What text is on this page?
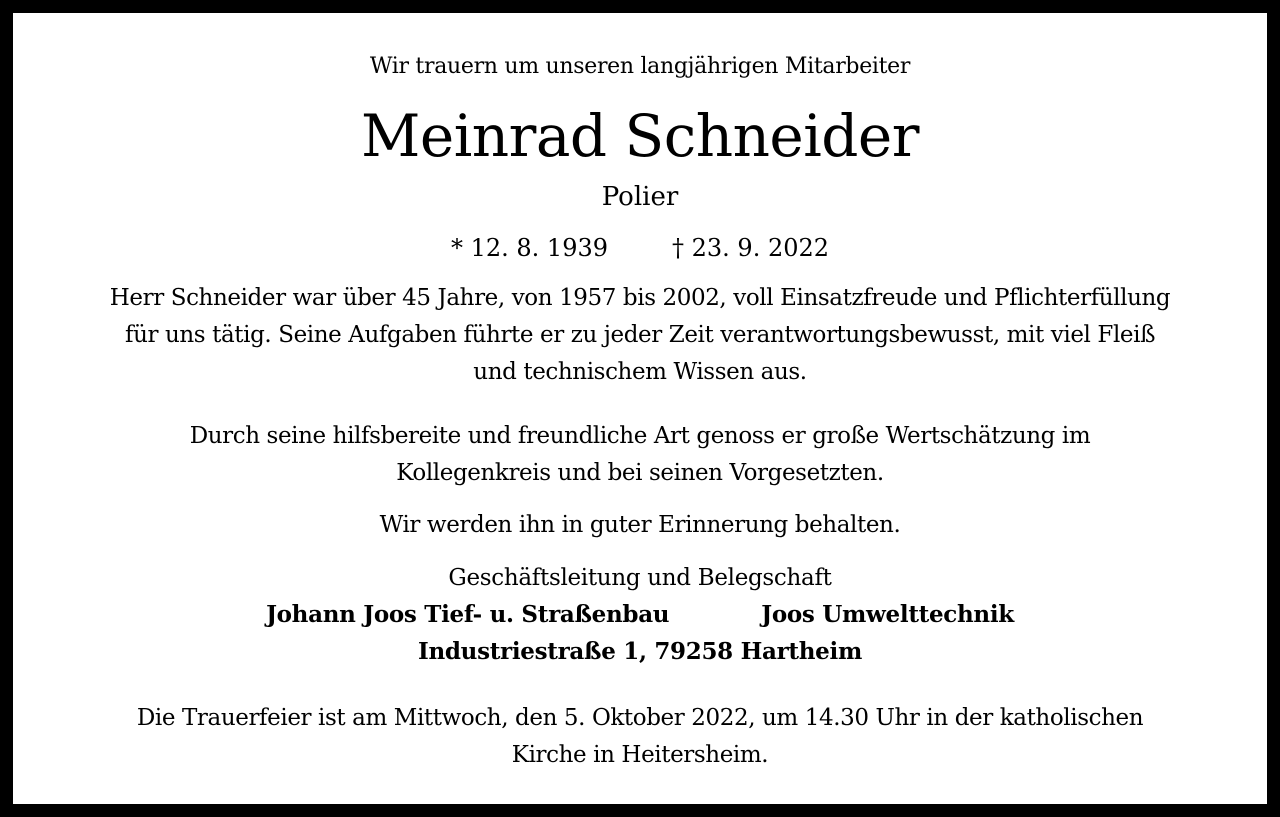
Wir trauern um unseren langjährigen Mitarbeiter
Meinrad Schneider
Polier
* 12. 8. 1939	† 23. 9. 2022
Herr Schneider war über 45 Jahre, von 1957 bis 2002, voll Einsatzfreude und Pflichterfüllung
für uns tätig. Seine Aufgaben führte er zu jeder Zeit verantwortungsbewusst, mit viel Fleiß
und technischem Wissen aus.
Durch seine hilfsbereite und freundliche Art genoss er große Wertschätzung im
Kollegenkreis und bei seinen Vorgesetzten.
Wir werden ihn in guter Erinnerung behalten.
Geschäftsleitung und Belegschaft
Johann Joos Tief- u. Straßenbau	Joos Umwelttechnik
Industriestraße 1, 79258 Hartheim
Die Trauerfeier ist am Mittwoch, den 5. Oktober 2022, um 14.30 Uhr in der katholischen
Kirche in Heitersheim.
